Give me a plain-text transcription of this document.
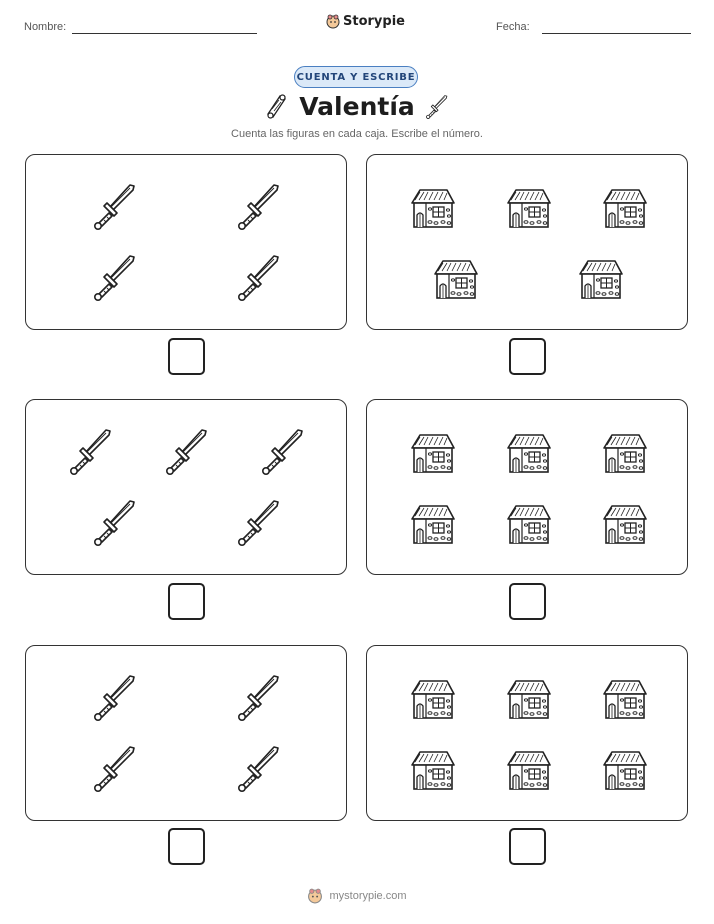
Nombre:	Storypie	Fecha:
CUENTA Y ESCRIBE
Valentía
Cuenta las figuras en cada caja. Escribe el número.
mystorypie.com
